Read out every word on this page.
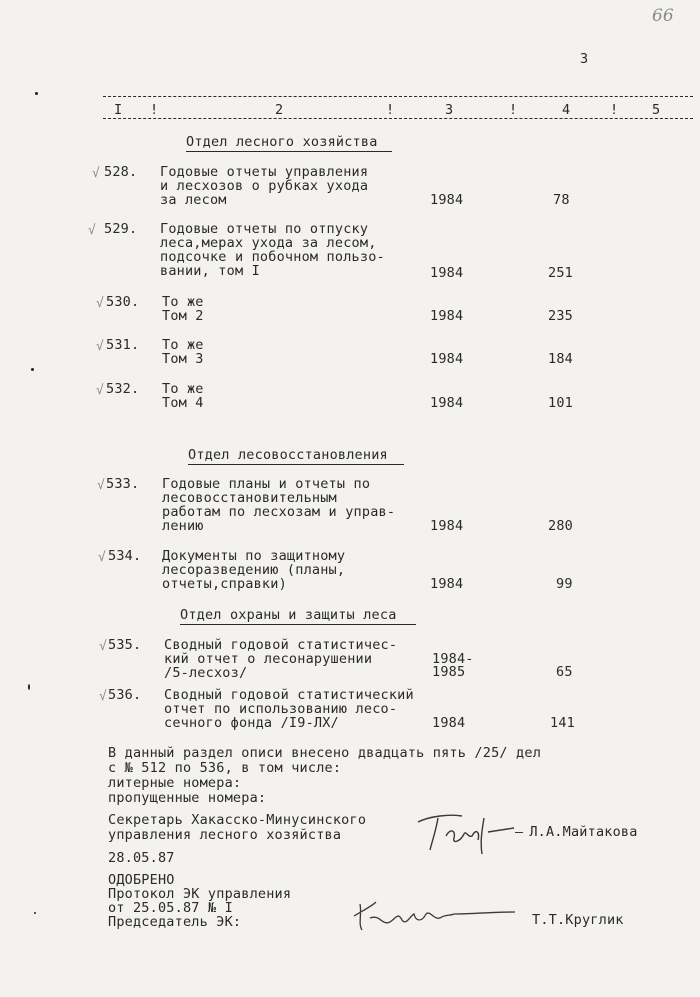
66
3
I !	2	!	3	!	4	! 5
Отдел лесного хозяйства
√ 528. Годовые отчеты управления
и лесхозов о рубках ухода
за лесом	1984	78
√ 529. Годовые отчеты по отпуску
леса,мерах ухода за лесом,
подсочке и побочном пользо-
вании, том I	1984	251
√ 530. То же
Том 2	1984	235
√ 531. То же
Том 3	1984	184
√ 532. То же
Том 4	1984	101
Отдел лесовосстановления
√ 533. Годовые планы и отчеты по
лесовосстановительным
работам по лесхозам и управ-
лению	1984	280
√ 534. Документы по защитному
лесоразведению (планы,
отчеты,справки)	1984	99
Отдел охраны и защиты леса
√ 535. Сводный годовой статистичес-
кий отчет о лесонарушении
/5-лесхоз/
1984-
1985	65
√ 536. Сводный годовой статистический
отчет по использованию лесо-
сечного фонда /I9-ЛХ/	1984	141
В данный раздел описи внесено двадцать пять /25/ дел
с № 512 по 536, в том числе:
литерные номера:
пропущенные номера:
Секретарь Хакасско-Минусинского
управления лесного хозяйства	— Л.А.Майтакова
28.05.87
ОДОБРЕНО
Протокол ЭК управления
от 25.05.87 № I
Председатель ЭК:	Т.Т.Круглик
